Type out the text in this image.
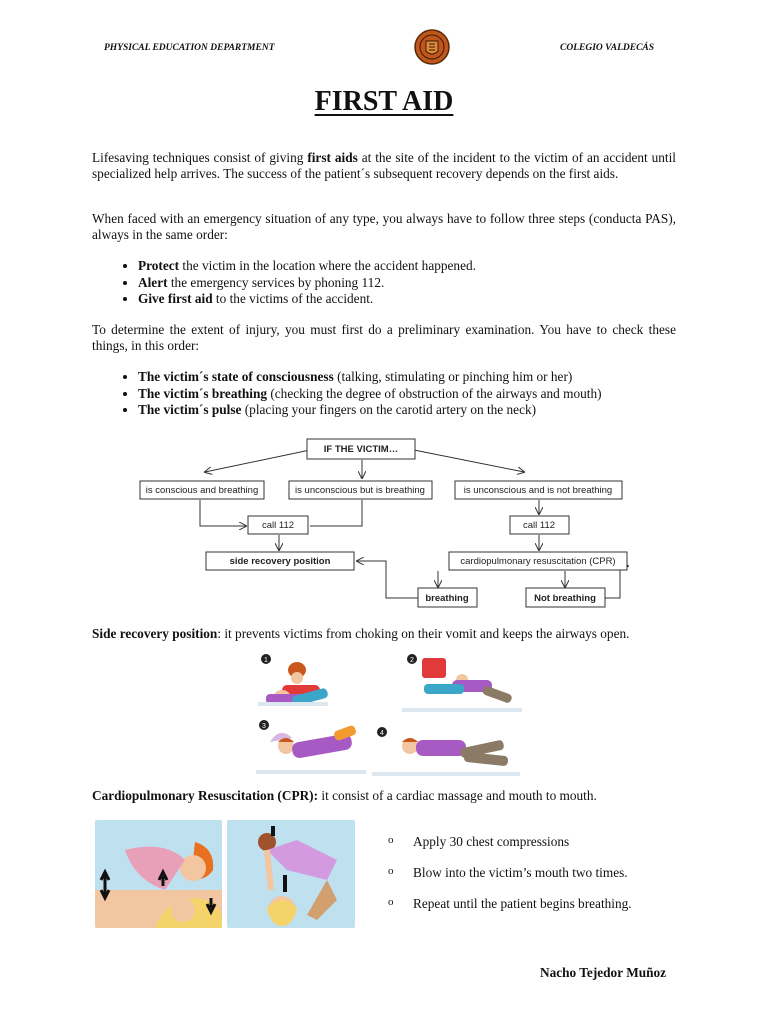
PHYSICAL EDUCATION DEPARTMENT	COLEGIO VALDECÁS
FIRST AID
Lifesaving techniques consist of giving first aids at the site of the incident to the victim of an accident until specialized help arrives. The success of the patient´s subsequent recovery depends on the first aids.
When faced with an emergency situation of any type, you always have to follow three steps (conducta PAS), always in the same order:
• Protect the victim in the location where the accident happened.
• Alert the emergency services by phoning 112.
• Give first aid to the victims of the accident.
To determine the extent of injury, you must first do a preliminary examination. You have to check these things, in this order:
• The victim´s state of consciousness (talking, stimulating or pinching him or her)
• The victim´s breathing (checking the degree of obstruction of the airways and mouth)
• The victim´s pulse (placing your fingers on the carotid artery on the neck)
IF THE VICTIM…
is conscious and breathing	is unconscious but is breathing	is unconscious and is not breathing
call 112	call 112
side recovery position	cardiopulmonary resuscitation (CPR)
breathing	Not breathing
Side recovery position: it prevents victims from choking on their vomit and keeps the airways open.
1	2
3
4
Cardiopulmonary Resuscitation (CPR): it consist of a cardiac massage and mouth to mouth.
o Apply 30 chest compressions
o Blow into the victim’s mouth two times.
o Repeat until the patient begins breathing.
Nacho Tejedor Muñoz
